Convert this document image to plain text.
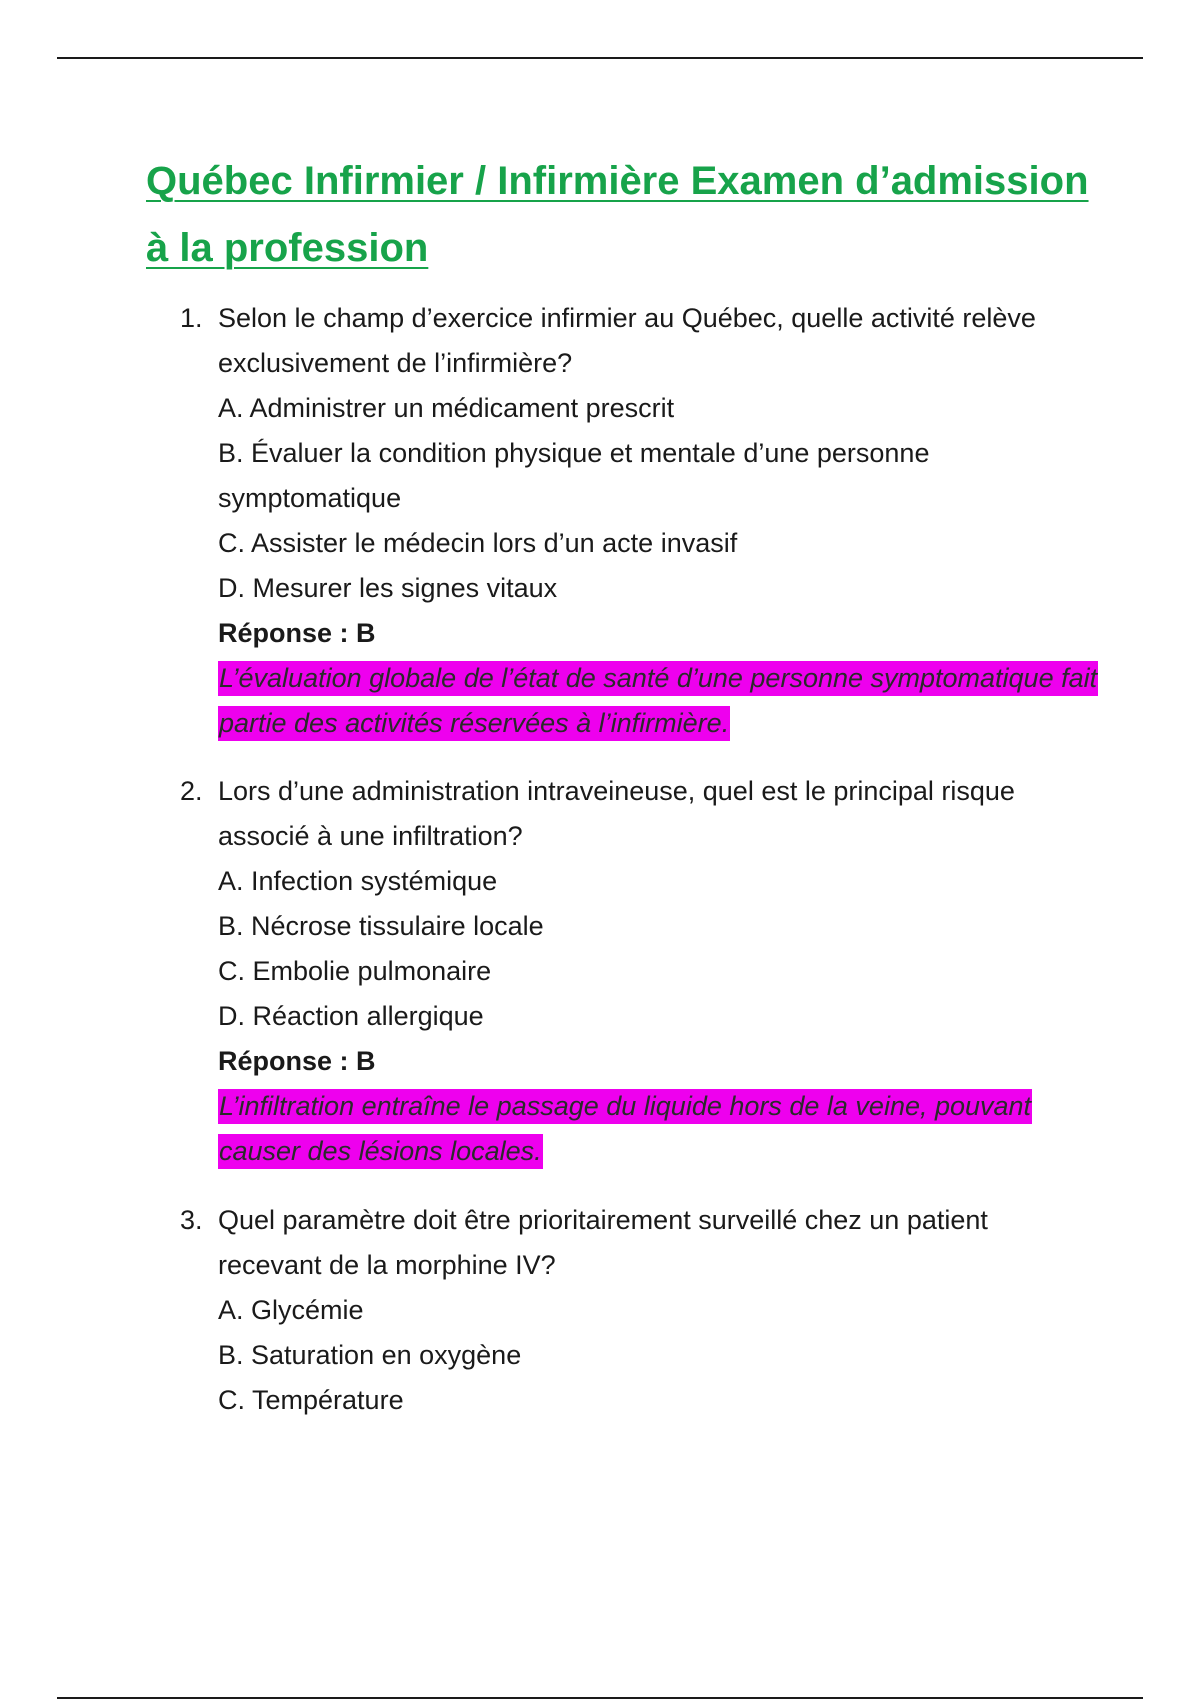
Québec Infirmier / Infirmière Examen d’admission à la profession
1. Selon le champ d’exercice infirmier au Québec, quelle activité relève exclusivement de l’infirmière?

A. Administrer un médicament prescrit

B. Évaluer la condition physique et mentale d’une personne symptomatique

C. Assister le médecin lors d’un acte invasif

D. Mesurer les signes vitaux

Réponse : B

L’évaluation globale de l’état de santé d’une personne symptomatique fait partie des activités réservées à l’infirmière.

2. Lors d’une administration intraveineuse, quel est le principal risque associé à une infiltration?

A. Infection systémique

B. Nécrose tissulaire locale

C. Embolie pulmonaire

D. Réaction allergique

Réponse : B

L’infiltration entraîne le passage du liquide hors de la veine, pouvant causer des lésions locales.

3. Quel paramètre doit être prioritairement surveillé chez un patient recevant de la morphine IV?

A. Glycémie

B. Saturation en oxygène

C. Température
